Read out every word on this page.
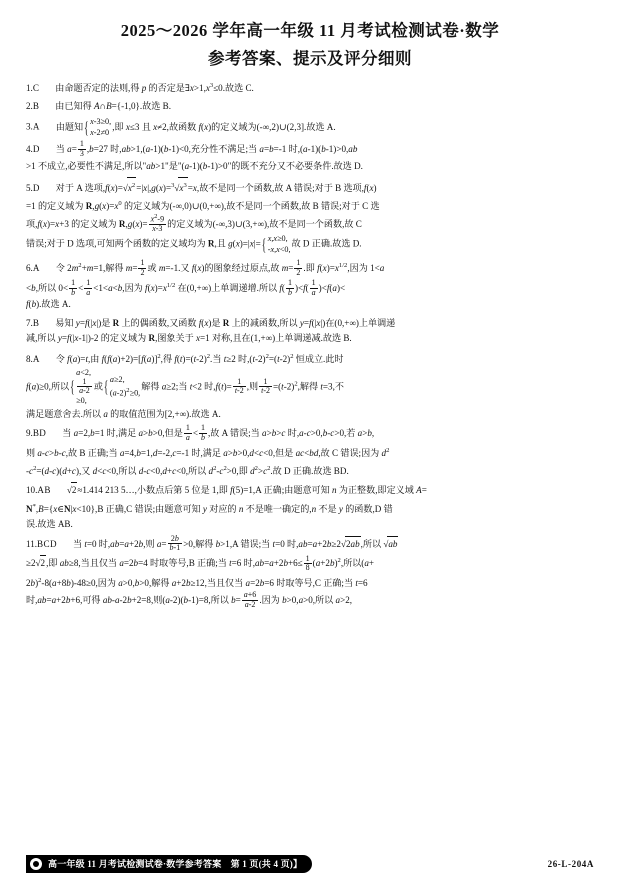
2025～2026 学年高一年级 11 月考试检测试卷·数学
参考答案、提示及评分细则
1.C 由命题否定的法则,得 p 的否定是$\exists x>1,x^3\le 0$.故选 C.
2.B 由已知得 A∩B={-1,0}.故选 B.
3.A 由题知
{ x-3≥0,
x-2≠0
,即 x≤3 且 x≠2,故函数 f(x)的定义域为(-∞,2)∪(2,3].故选 A.
4.D 当 $a= \frac{1}{3} ,b=27$ 时,ab>1,(a-1)(b-1)<0,充分性不满足;当 a=b=-1 时,(a-1)(b-1)>0,ab
>1 不成立,必要性不满足,所以"ab>1"是"(a-1)(b-1)>0"的既不充分又不必要条件.故选 D.
5.D 对于 A 选项$,f(x)=√x^2=|x|,g(x)=^3√x^3=x$,故不是同一个函数,故 A 错误;对于 B 选项,f(x)
=1 的定义域为 $R,g(x)=x^0$ 的定义域为(-∞,0)∪(0,+∞),故不是同一个函数,故 B 错误;对于 C 选
项,f(x)=x+3 的定义域为 $R,g(x)= \frac{x^2-9}{x-3}$ 的定义域为(-∞,3)∪(3,+∞),故不是同一个函数,故 C
错误;对于 D 选项,可知两个函数的定义域均为 R,且 g(x)=|x|=
{ x,x≥0,
-x,x<0,
故 D 正确.故选 D.
6.A 令 $2m^2+m=1$,解得 $m= \frac{1}{2}$ 或 m=-1.又 f(x)的图象经过原点,故 $m= \frac{1}{2}$ .即 $f(x)=x^{1/2}$,因为 1<a
<b,所以 $0< \frac{1}{b} < \frac{1}{a} <1<a<b$,因为 $f(x)=x^{1/2}$ 在(0,+∞)上单调递增.所以 $f( \frac{1}{b} )<f( \frac{1}{a} )<f(a)<$
f(b).故选 A.
7.B 易知 y=f(|x|)是 R 上的偶函数,又函数 f(x)是 R 上的减函数,所以 y=f(|x|)在(0,+∞)上单调递
减,所以 y=f(|x-1|)-2 的定义域为 R,图象关于 x=1 对称,且在(1,+∞)上单调递减.故选 B.
8.A 令 f(a)=t,由 $f(f(a)+2)=[f(a)]^2$,得 $f(t)=(t-2)^2$.当 t≥2 时$,(t-2)^2=(t-2)^2$ 恒成立.此时
f(a)≥0,所以
{ a<2,
1
a-2
≥0,
或
{ a≥2,
$(a-2)^2\ge 0$,
解得 a≥2;当 t<2 时$,f(t)= \frac{1}{t-2}$ ,则 $\frac{1}{t-2} =(t-2)^2$,解得 t=3,不
满足题意舍去.所以 a 的取值范围为[2,+∞).故选 A.
9.BD 当 a=2,b=1 时,满足 a>b>0,但是 $\frac{1}{a} < \frac{1}{b}$ ,故 A 错误;当 a>b>c 时,a-c>0,b-c>0,若 a>b,
则 a-c>b-c,故 B 正确;当 a=4,b=1,d=-2,c=-1 时,满足 a>b>0,d<c<0,但是 ac<bd,故 C 错误;因为 $d^2$
$-c^2=(d-c)(d+c)$,又 d<c<0,所以 d-c<0,d+c<0,所以 $d^2-c^2>0$,即 $d^2>c^2$.故 D 正确.故选 BD.
10.AB √2≈1.414 213 5…,小数点后第 5 位是 1,即 f(5)=1,A 正确;由题意可知 n 为正整数,即定义域 A=
N*,B={x∈N|x<10},B 正确,C 错误;由题意可知 y 对应的 n 不是唯一确定的,n 不是 y 的函数,D 错
误.故选 AB.
11.BCD 当 t=0 时,ab=a+2b,则 $a= \frac{2b}{b-1} >0$,解得 b>1,A 错误;当 t=0 时,ab=a+2b≥2√2ab,所以 √ab
≥2√2,即 ab≥8,当且仅当 a=2b=4 时取等号,B 正确;当 t=6 时$,ab=a+2b+6\le \frac{1}{8} (a+2b)^2$,所以(a+
2b)$^2$-8(a+8b)-48≥0,因为 a>0,b>0,解得 a+2b≥12,当且仅当 a=2b=6 时取等号,C 正确;当 t=6
时,ab=a+2b+6,可得 ab-a-2b+2=8,则(a-2)(b-1)=8,所以 $b= \frac{a+6}{a-2}$ .因为 b>0,a>0,所以 a>2,
高一年级 11 月考试检测试卷·数学参考答案　第 1 页(共 4 页)】	26-L-204A
